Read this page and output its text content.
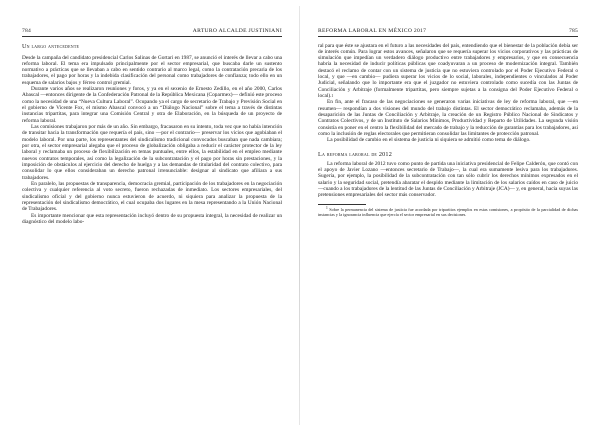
784	ARTURO ALCALDE JUSTINIANI
Un largo antecedente

Desde la campaña del candidato presidencial Carlos Salinas de Gortari en 1987, se anunció el interés de llevar a cabo una reforma laboral. El tema era impulsado principalmente por el sector empresarial, que buscaba darle un sustento normativo a prácticas que se llevaban a cabo en sentido contrario al marco legal, como la contratación precaria de los trabajadores, el pago por horas y la indebida clasificación del personal como trabajadores de confianza; todo ello en un esquema de salarios bajos y férreo control gremial.

Durante varios años se realizaron reuniones y foros, y ya en el sexenio de Ernesto Zedillo, en el año 2000, Carlos Abascal —entonces dirigente de la Confederación Patronal de la República Mexicana (Coparmex)— definió este proceso como la necesidad de una “Nueva Cultura Laboral”. Ocupando ya el cargo de secretario de Trabajo y Previsión Social en el gobierno de Vicente Fox, el mismo Abascal convocó a un “Diálogo Nacional” sobre el tema a través de distintas instancias tripartitas, para integrar una Comisión Central y otra de Elaboración, en la búsqueda de un proyecto de reforma laboral.

Las comisiones trabajaron por más de un año. Sin embargo, fracasaron en su intento, toda vez que no había intención de transitar hacia la transformación que requería el país, sino —por el contrario— preservar los vicios que agobiaban el modelo laboral. Por una parte, los representantes del sindicalismo tradicional convocados buscaban que nada cambiara; por otra, el sector empresarial alegaba que el proceso de globalización obligaba a reducir el carácter protector de la ley laboral y reclamaba un proceso de flexibilización en temas puntuales, entre ellos, la estabilidad en el empleo mediante nuevos contratos temporales, así como la legalización de la subcontratación y el pago por horas sin prestaciones, y la imposición de obstáculos al ejercicio del derecho de huelga y a las demandas de titularidad del contrato colectivo, para consolidar lo que ellos consideraban un derecho patronal irrenunciable: designar al sindicato que afiliara a sus trabajadores.

En paralelo, las propuestas de transparencia, democracia gremial, participación de los trabajadores en la negociación colectiva y cualquier referencia al voto secreto, fueron rechazadas de inmediato. Los sectores empresariales, del sindicalismo oficial y del gobierno nunca estuvieron de acuerdo, ni siquiera para analizar la propuesta de la representación del sindicalismo democrático, el cual ocupaba dos lugares en la mesa representando a la Unión Nacional de Trabajadores.

Es importante mencionar que esta representación incluyó dentro de su propuesta integral, la necesidad de realizar un diagnóstico del modelo labo-

REFORMA LABORAL EN MÉXICO 2017	785

ral para que éste se ajustara en el futuro a las necesidades del país, entendiendo que el bienestar de la población debía ser de interés común. Para lograr estos avances, señalaron que se requería superar los vicios corporativos y las prácticas de simulación que impedían un verdadero diálogo productivo entre trabajadores y empresarios, y que en consecuencia habría la necesidad de inducir políticas públicas que coadyuvaran a un proceso de modernización integral. También destacó el reclamo de contar con un sistema de justicia que no estuviera controlado por el Poder Ejecutivo Federal o local, y que —en cambio— pudiera superar los vicios de lo social, laborales, independientes o vinculados al Poder Judicial, señalando que lo importante era que el juzgador no estuviera controlado como sucedía con las Juntas de Conciliación y Arbitraje (formalmente tripartitas, pero siempre sujetas a la consigna del Poder Ejecutivo Federal o local).$^1$

En fin, ante el fracaso de las negociaciones se generaron varias iniciativas de ley de reforma laboral, que —en resumen— respondían a dos visiones del mundo del trabajo distintas. El sector democrático reclamaba, además de la desaparición de las Juntas de Conciliación y Arbitraje, la creación de un Registro Público Nacional de Sindicatos y Contratos Colectivos, y de un Instituto de Salarios Mínimos, Productividad y Reparto de Utilidades. La segunda visión consistía en poner en el centro la flexibilidad del mercado de trabajo y la reducción de garantías para los trabajadores, así como la inclusión de reglas electorales que permitieran consolidar las limitantes de protección patronal.

La posibilidad de cambio en el sistema de justicia ni siquiera se admitió como tema de diálogo.

La reforma laboral de 2012

La reforma laboral de 2012 tuvo como punto de partida una iniciativa presidencial de Felipe Calderón, que contó con el apoyo de Javier Lozano —entonces secretario de Trabajo—, la cual era sumamente lesiva para los trabajadores. Sugería, por ejemplo, la posibilidad de la subcontratación con tan sólo cubrir los derechos mínimos expresados en el salario y la seguridad social, pretendía abaratar el despido mediante la limitación de los salarios caídos en caso de juicio —cuando a los trabajadores de la lentitud de las Juntas de Conciliación y Arbitraje (JCA)— y, en general, hacía suyas las pretensiones empresariales del sector más conservador.

$^1$ Sobre la permanencia del sistema de justicia fue acordada por tripartitos ejemplos en estas comisiones, a propósito de la parcialidad de dichas instancias y la ignorancia influencia que ejercía el sector empresarial en sus decisiones.
